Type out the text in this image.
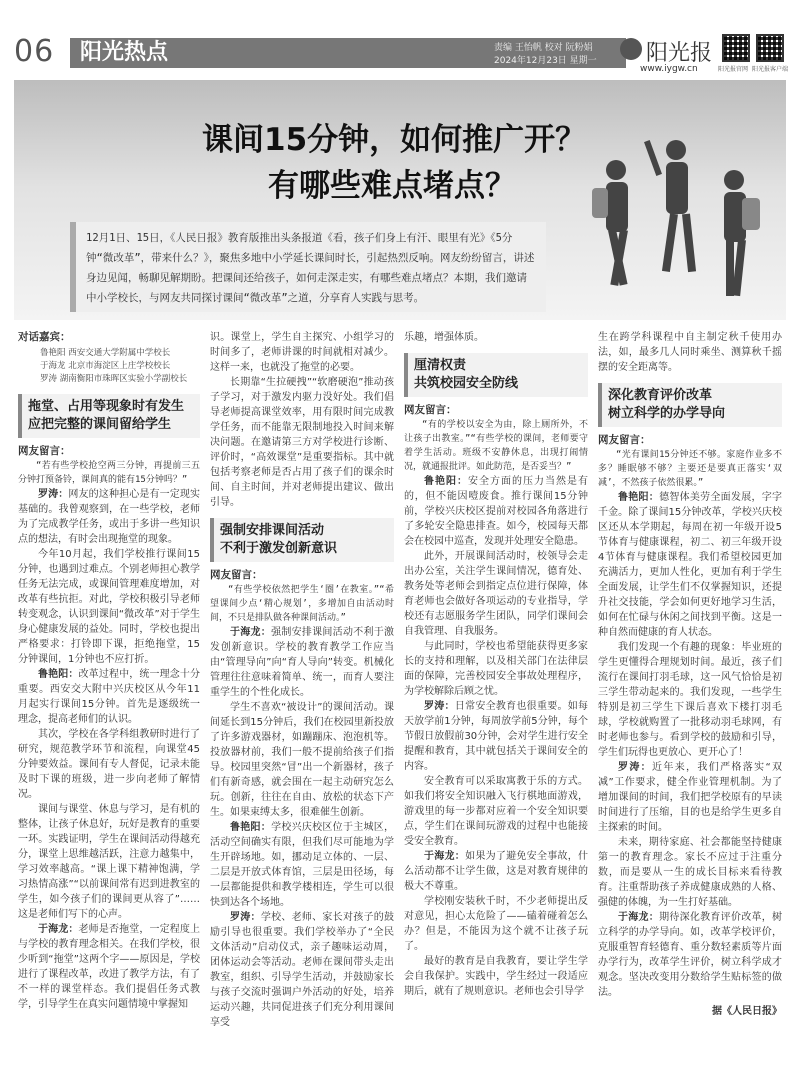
06 阳光热点	责编 王怡帆 校对 阮粉娟
2024年12月23日 星期一 阳光报
www.iygw.cn	阳光报官网 阳光报客户端
课间15分钟，如何推广开？
有哪些难点堵点？
12月1日、15日，《人民日报》教育版推出头条报道《看，孩子们身上有汗、眼里有光》《5分钟“微改革”，带来什么？》，聚焦多地中小学延长课间时长，引起热烈反响。网友纷纷留言，讲述身边见闻，畅聊见解期盼。把课间还给孩子，如何走深走实，有哪些难点堵点？本期，我们邀请中小学校长，与网友共同探讨课间“微改革”之道，分享育人实践与思考。
对话嘉宾：
鲁艳阳 西安交通大学附属中学校长
于海龙 北京市海淀区上庄学校校长
罗涛 湖南衡阳市珠晖区实验小学副校长
拖堂、占用等现象时有发生
应把完整的课间留给学生
网友留言：

“若有些学校抢空两三分钟，再提前三五分钟打预备铃，课间真的能有15分钟吗？”

罗涛：网友的这种担心是有一定现实基础的。我曾观察到，在一些学校，老师为了完成教学任务，或出于多讲一些知识点的想法，有时会出现拖堂的现象。

今年10月起，我们学校推行课间15分钟，也遇到过难点。个别老师担心教学任务无法完成，或课间管理难度增加，对改革有些抗拒。对此，学校积极引导老师转变观念，认识到课间“微改革”对于学生身心健康发展的益处。同时，学校也提出严格要求：打铃即下课，拒绝拖堂，15分钟课间，1分钟也不应打折。

鲁艳阳：改革过程中，统一理念十分重要。西安交大附中兴庆校区从今年11月起实行课间15分钟。首先是逐级统一理念，提高老师们的认识。

其次，学校在各学科组教研时进行了研究，规范教学环节和流程，向课堂45分钟要效益。课间有专人督促，记录未能及时下课的班级，进一步向老师了解情况。

课间与课堂、休息与学习，是有机的整体，让孩子休息好，玩好是教育的重要一环。实践证明，学生在课间活动得越充分，课堂上思维越活跃，注意力越集中，学习效率越高。“课上课下精神饱满，学习热情高涨”“以前课间常有迟到进教室的学生，如今孩子们的课间更从容了”……这是老师们写下的心声。

于海龙：老师是否拖堂，一定程度上与学校的教育理念相关。在我们学校，很少听到“拖堂”这两个字——原因是，学校进行了课程改革，改进了教学方法，有了不一样的课堂样态。我们提倡任务式教学，引导学生在真实问题情境中掌握知

识。课堂上，学生自主探究、小组学习的时间多了，老师讲课的时间就相对减少。这样一来，也就没了拖堂的必要。

长期靠“生拉硬拽”“软磨硬泡”推动孩子学习，对于激发内驱力没好处。我们倡导老师提高课堂效率，用有限时间完成教学任务，而不能靠无限制地投入时间来解决问题。在邀请第三方对学校进行诊断、评价时，“高效课堂”是重要指标。其中就包括考察老师是否占用了孩子们的课余时间、自主时间，并对老师提出建议、做出引导。

强制安排课间活动
不利于激发创新意识
网友留言：

“有些学校依然把学生‘圈’在教室。”“希望课间少点‘精心规划’，多增加自由活动时间，不只是排队做各种课间活动。”

于海龙：强制安排课间活动不利于激发创新意识。学校的教育教学工作应当由“管理导向”向“育人导向”转变。机械化管理往往意味着简单、统一，而育人要注重学生的个性化成长。

学生不喜欢“被设计”的课间活动。课间延长到15分钟后，我们在校园里新投放了许多游戏器材，如蹦蹦床、泡泡机等。投放器材前，我们一般不提前给孩子们指导。校园里突然“冒”出一个新器材，孩子们有新奇感，就会围在一起主动研究怎么玩。创新，往往在自由、放松的状态下产生。如果束缚太多，很难催生创新。

鲁艳阳：学校兴庆校区位于主城区，活动空间确实有限，但我们尽可能地为学生开辟场地。如，挪动足立体的、一层、二层是开放式体育馆，三层是田径场，每一层都能提供和教学楼相连，学生可以很快到达各个场地。

罗涛：学校、老师、家长对孩子的鼓励引导也很重要。我们学校举办了“全民文体活动”启动仪式，亲子趣味运动周，团体运动会等活动。老师在课间带头走出教室，组织、引导学生活动，并鼓励家长与孩子交流时强调户外活动的好处，培养运动兴趣，共同促进孩子们充分利用课间享受

乐趣，增强体质。

厘清权责
共筑校园安全防线
网友留言：

“有的学校以安全为由，除上厕所外，不让孩子出教室。”“有些学校的课间，老师要守着学生活动。班级不安静休息，出现打闹情况，就通报批评。如此防范，是否妥当？”

鲁艳阳：安全方面的压力当然是有的，但不能因噎废食。推行课间15分钟前，学校兴庆校区提前对校园各角落进行了多轮安全隐患排查。如今，校园每天都会在校园中巡查，发现并处理安全隐患。

此外，开展课间活动时，校领导会走出办公室，关注学生课间情况，德育处、教务处等老师会到指定点位进行保障，体育老师也会做好各项运动的专业指导，学校还有志愿服务学生团队，同学们课间会自我管理、自我服务。

与此同时，学校也希望能获得更多家长的支持和理解，以及相关部门在法律层面的保障，完善校园安全事故处理程序，为学校解除后顾之忧。

罗涛：日常安全教育也很重要。如每天放学前1分钟，每周放学前5分钟，每个节假日放假前30分钟，会对学生进行安全提醒和教育，其中就包括关于课间安全的内容。

安全教育可以采取寓教于乐的方式。如我们将安全知识融入飞行棋地面游戏，游戏里的每一步都对应着一个安全知识要点，学生们在课间玩游戏的过程中也能接受安全教育。

于海龙：如果为了避免安全事故，什么活动都不让学生做，这是对教育规律的极大不尊重。

学校刚安装秋千时，不少老师提出反对意见，担心太危险了——磕着碰着怎么办？但是，不能因为这个就不让孩子玩了。

最好的教育是自我教育，要让学生学会自我保护。实践中，学生经过一段适应期后，就有了规则意识。老师也会引导学

生在跨学科课程中自主制定秋千使用办法，如，最多几人同时乘坐、测算秋千摇摆的安全距离等。

深化教育评价改革
树立科学的办学导向
网友留言：

“光有课间15分钟还不够。家庭作业多不多？睡眠够不够？主要还是要真正落实‘双减’，不然孩子依然很累。”

鲁艳阳：德智体美劳全面发展，字字千金。除了课间15分钟改革，学校兴庆校区还从本学期起，每周在初一年级开设5节体育与健康课程，初二、初三年级开设4节体育与健康课程。我们希望校园更加充满活力，更加人性化，更加有利于学生全面发展，让学生们不仅掌握知识，还提升社交技能，学会如何更好地学习生活，如何在忙碌与休闲之间找到平衡。这是一种自然而健康的育人状态。

我们发现一个有趣的现象：毕业班的学生更懂得合理规划时间。最近，孩子们流行在课间打羽毛球，这一风气恰恰是初三学生带动起来的。我们发现，一些学生特别是初三学生下课后喜欢下楼打羽毛球，学校就购置了一批移动羽毛球网，有时老师也参与。看到学校的鼓励和引导，学生们玩得也更放心、更开心了！

罗涛：近年来，我们严格落实“双减”工作要求，健全作业管理机制。为了增加课间的时间，我们把学校原有的早读时间进行了压缩，目的也是给学生更多自主探索的时间。

未来，期待家庭、社会都能坚持健康第一的教育理念。家长不应过于注重分数，而是要从一生的成长目标来看待教育。注重帮助孩子养成健康成熟的人格、强健的体魄，为一生打好基础。

于海龙：期待深化教育评价改革，树立科学的办学导向。如，改革学校评价，克服重智育轻德育、重分数轻素质等片面办学行为，改革学生评价，树立科学成才观念。坚决改变用分数给学生贴标签的做法。

据《人民日报》
